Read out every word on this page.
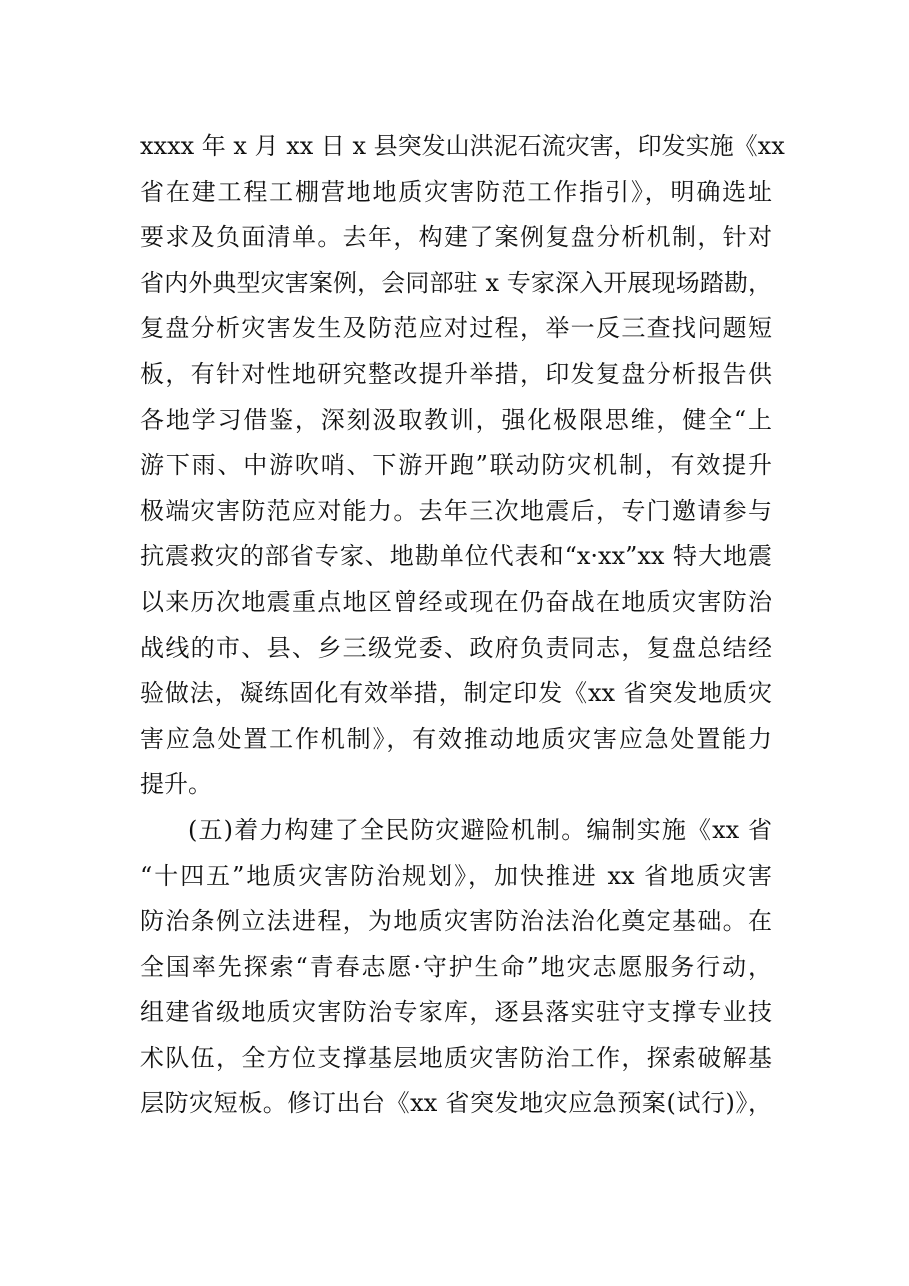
xxxx 年 x 月 xx 日 x 县突发山洪泥石流灾害，印发实施《xx
省在建工程工棚营地地质灾害防范工作指引》，明确选址
要求及负面清单。去年，构建了案例复盘分析机制，针对
省内外典型灾害案例，会同部驻 x 专家深入开展现场踏勘，
复盘分析灾害发生及防范应对过程，举一反三查找问题短
板，有针对性地研究整改提升举措，印发复盘分析报告供
各地学习借鉴，深刻汲取教训，强化极限思维，健全“上
游下雨、中游吹哨、下游开跑”联动防灾机制，有效提升
极端灾害防范应对能力。去年三次地震后，专门邀请参与
抗震救灾的部省专家、地勘单位代表和“x·xx”xx 特大地震
以来历次地震重点地区曾经或现在仍奋战在地质灾害防治
战线的市、县、乡三级党委、政府负责同志，复盘总结经
验做法，凝练固化有效举措，制定印发《xx 省突发地质灾
害应急处置工作机制》，有效推动地质灾害应急处置能力
提升。
(五)着力构建了全民防灾避险机制。编制实施《xx 省
“十四五”地质灾害防治规划》，加快推进 xx 省地质灾害
防治条例立法进程，为地质灾害防治法治化奠定基础。在
全国率先探索“青春志愿·守护生命”地灾志愿服务行动，
组建省级地质灾害防治专家库，逐县落实驻守支撑专业技
术队伍，全方位支撑基层地质灾害防治工作，探索破解基
层防灾短板。修订出台《xx 省突发地灾应急预案(试行)》，
